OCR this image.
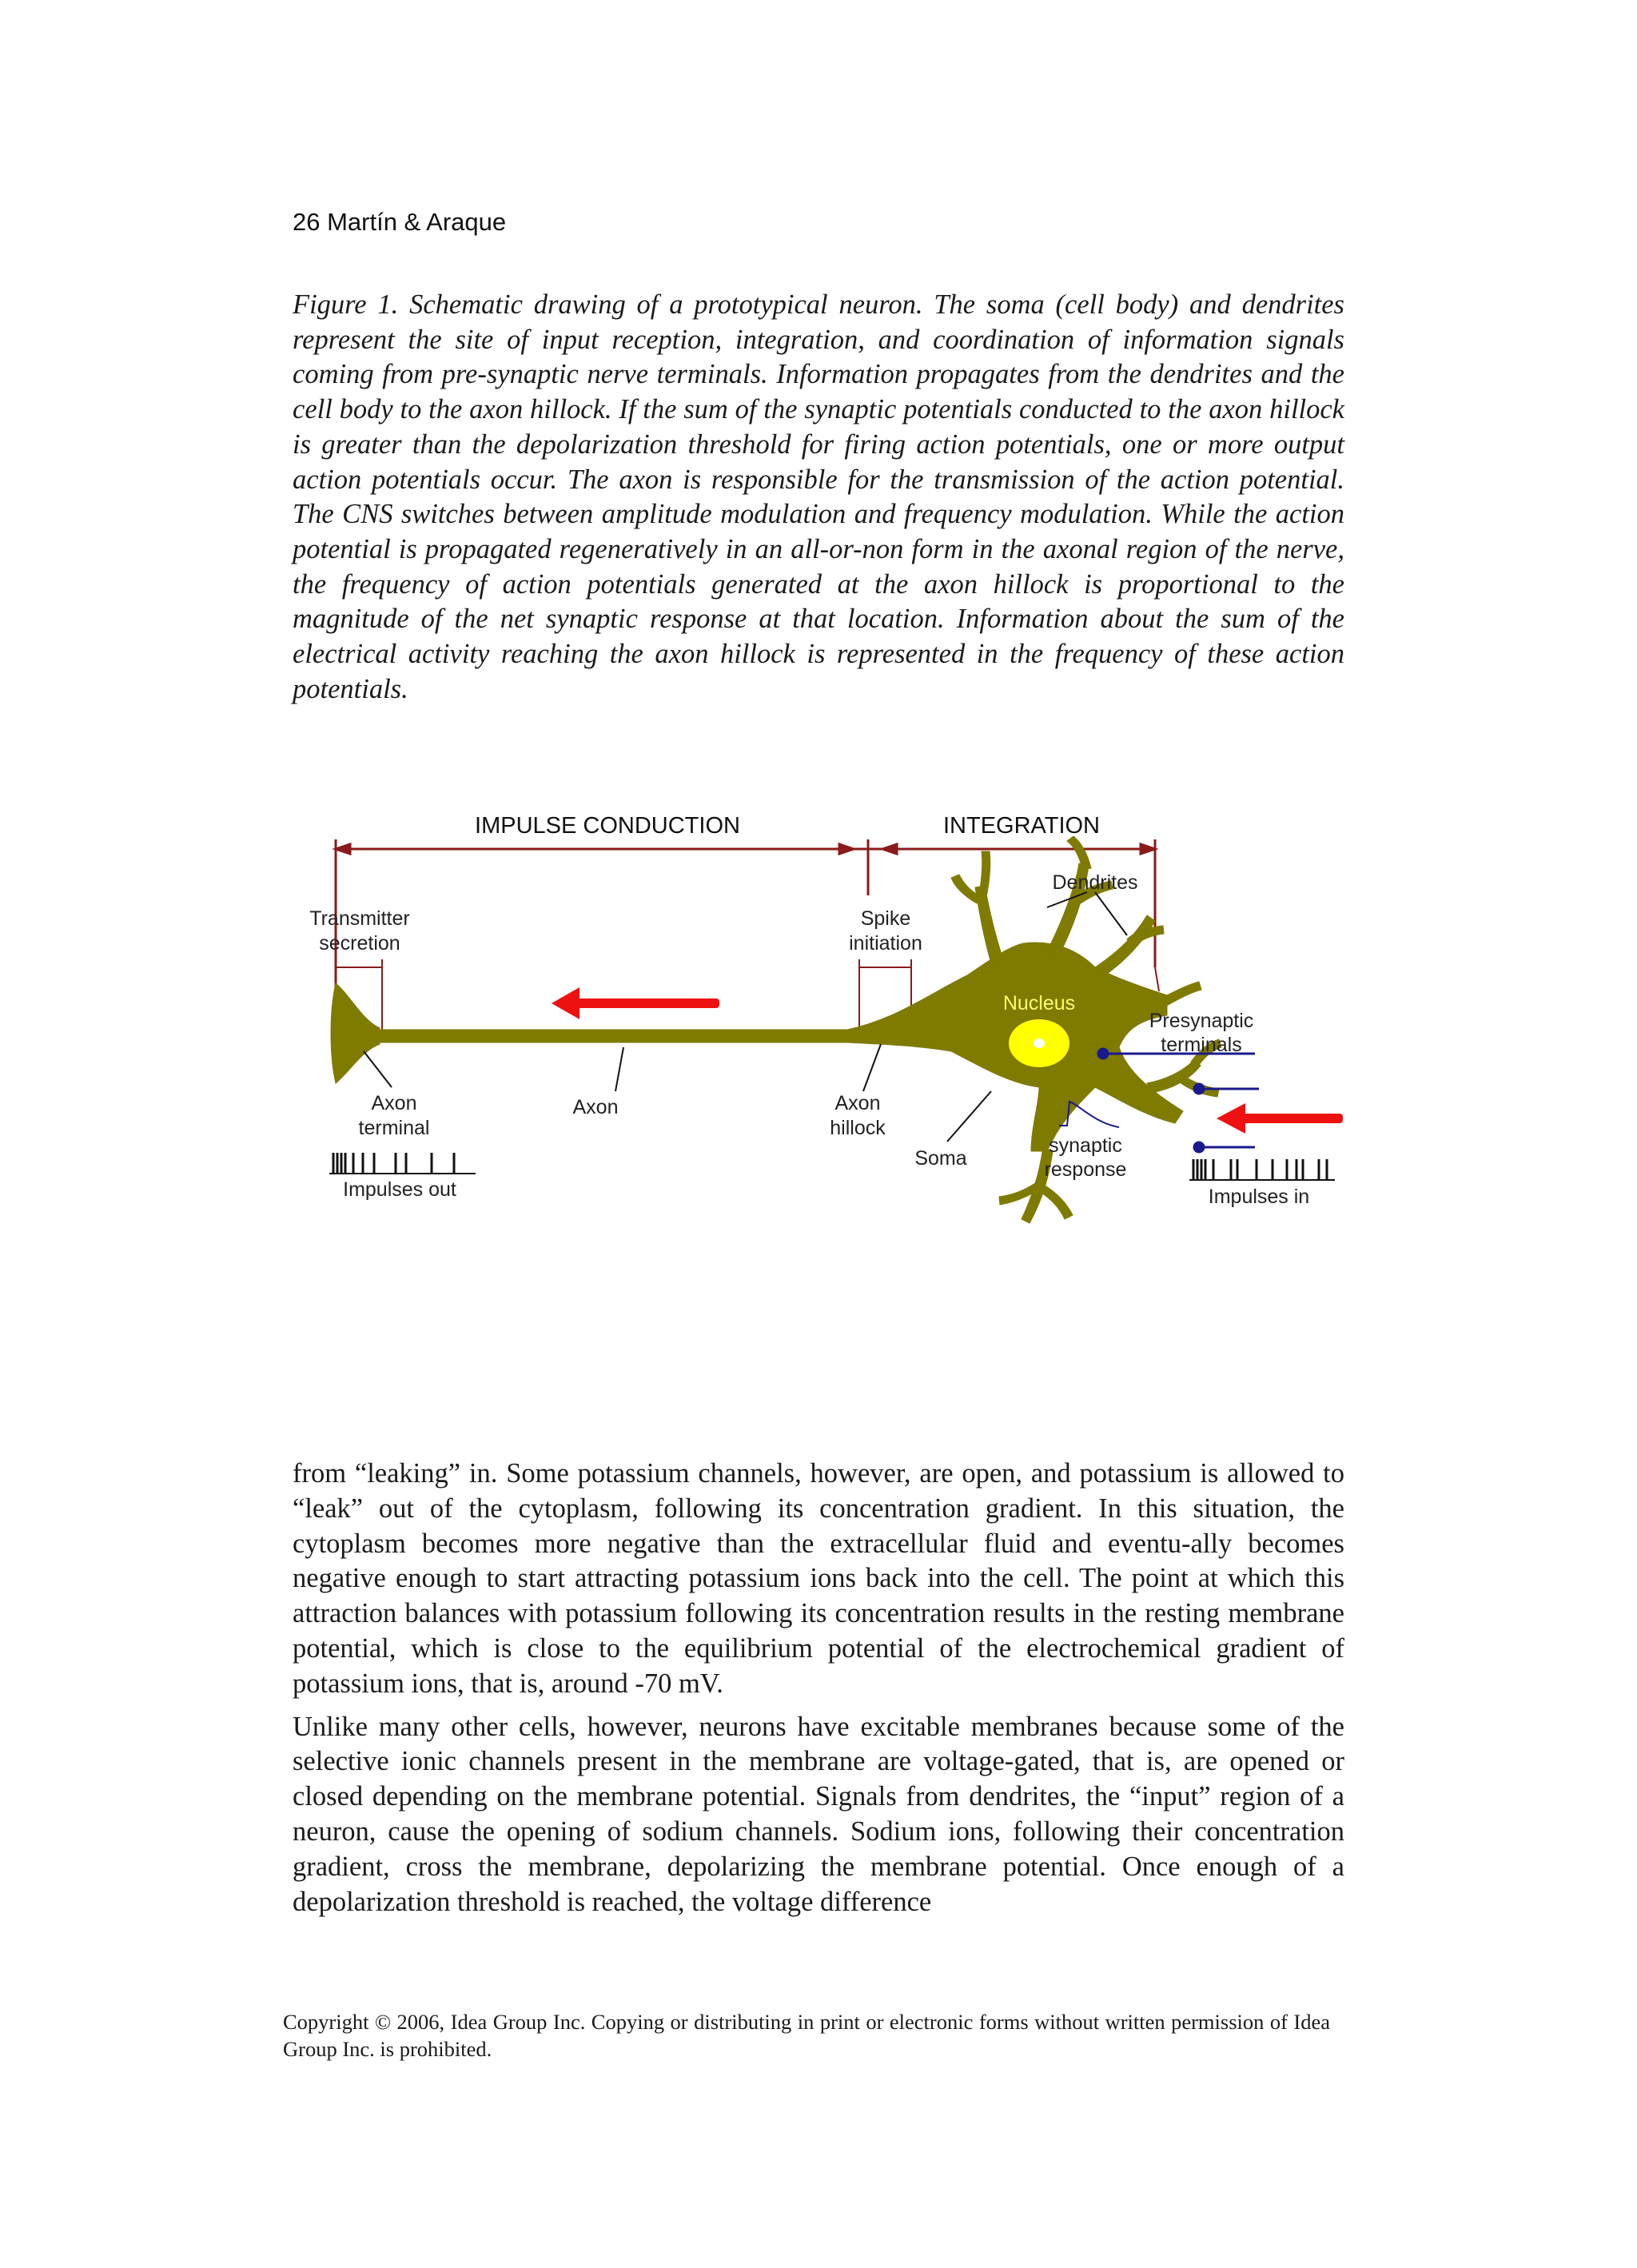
26 Martín & Araque
Figure 1. Schematic drawing of a prototypical neuron. The soma (cell body) and dendrites represent the site of input reception, integration, and coordination of information signals coming from pre-synaptic nerve terminals. Information propagates from the dendrites and the cell body to the axon hillock. If the sum of the synaptic potentials conducted to the axon hillock is greater than the depolarization threshold for firing action potentials, one or more output action potentials occur. The axon is responsible for the transmission of the action potential. The CNS switches between amplitude modulation and frequency modulation. While the action potential is propagated regeneratively in an all-or-non form in the axonal region of the nerve, the frequency of action potentials generated at the axon hillock is proportional to the magnitude of the net synaptic response at that location. Information about the sum of the electrical activity reaching the axon hillock is represented in the frequency of these action potentials.
IMPULSE CONDUCTION	INTEGRATION
Nucleus
Dendrites
Transmitter
secretion
Spike
initiation
Presynaptic
terminals
Axon
terminal
Axon	Axon
hillock
Soma
synaptic
response
Impulses out	Impulses in

from “leaking” in. Some potassium channels, however, are open, and potassium is allowed to “leak” out of the cytoplasm, following its concentration gradient. In this situation, the cytoplasm becomes more negative than the extracellular fluid and eventu-ally becomes negative enough to start attracting potassium ions back into the cell. The point at which this attraction balances with potassium following its concentration results in the resting membrane potential, which is close to the equilibrium potential of the electrochemical gradient of potassium ions, that is, around -70 mV.

Unlike many other cells, however, neurons have excitable membranes because some of the selective ionic channels present in the membrane are voltage-gated, that is, are opened or closed depending on the membrane potential. Signals from dendrites, the “input” region of a neuron, cause the opening of sodium channels. Sodium ions, following their concentration gradient, cross the membrane, depolarizing the membrane potential. Once enough of a depolarization threshold is reached, the voltage difference

Copyright © 2006, Idea Group Inc. Copying or distributing in print or electronic forms without written permission of Idea Group Inc. is prohibited.
